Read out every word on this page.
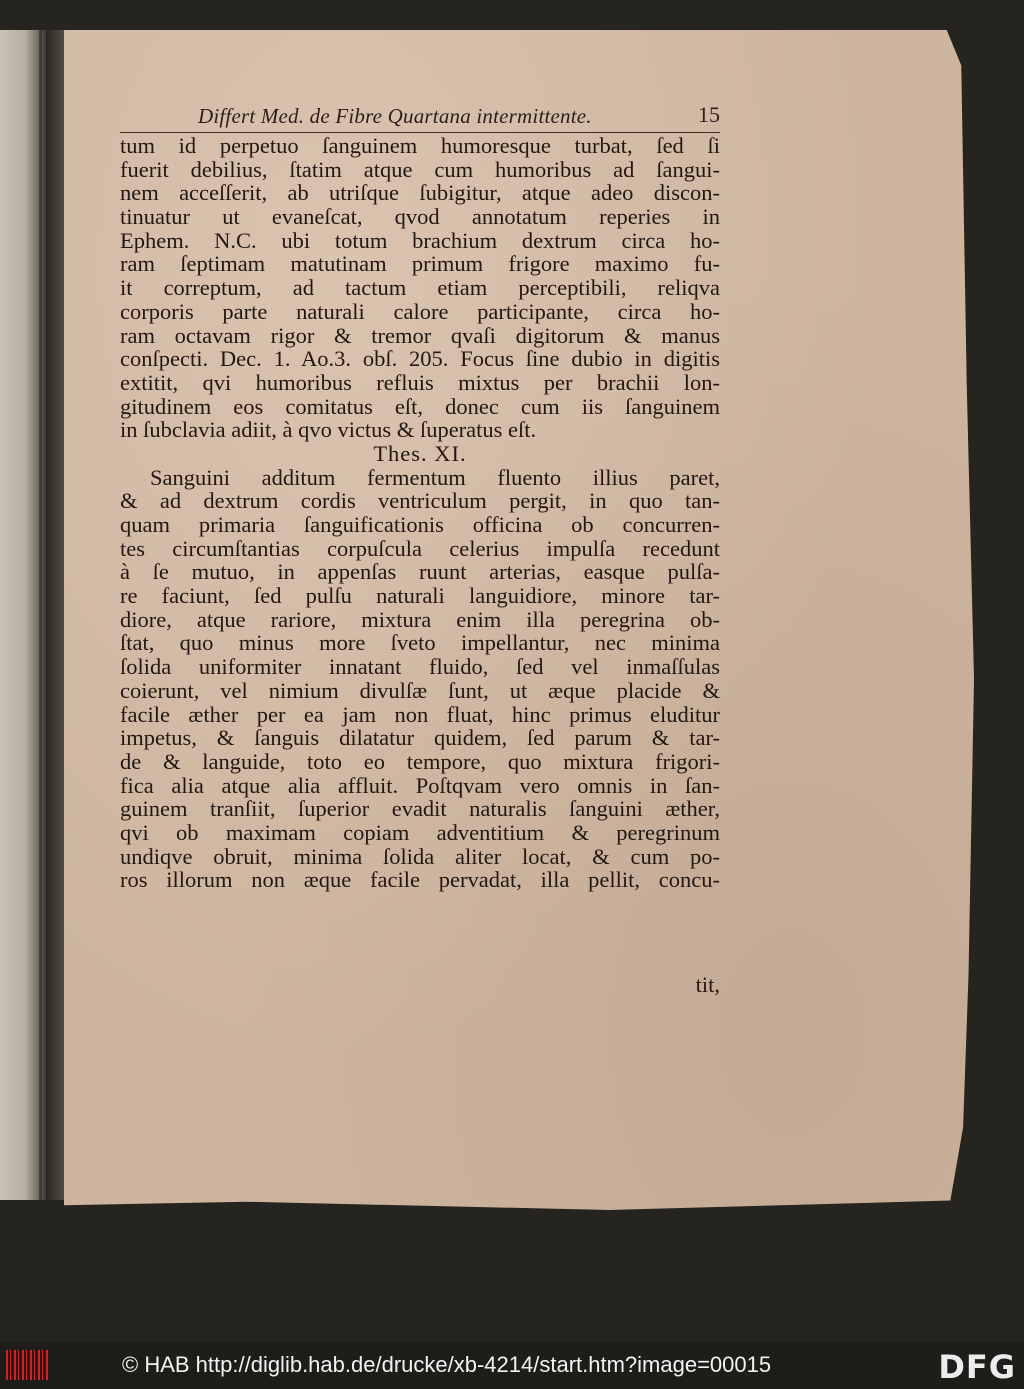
Differt Med. de Fibre Quartana intermittente.	15
tum id perpetuo ſanguinem humoresque turbat, ſed ſi
fuerit debilius, ſtatim atque cum humoribus ad ſangui-
nem acceſſerit, ab utriſque ſubigitur, atque adeo discon-
tinuatur ut evaneſcat, qvod annotatum reperies in
Ephem. N.C. ubi totum brachium dextrum circa ho-
ram ſeptimam matutinam primum frigore maximo fu-
it correptum, ad tactum etiam perceptibili, reliqva
corporis parte naturali calore participante, circa ho-
ram octavam rigor & tremor qvaſi digitorum & manus
conſpecti. Dec. 1. Ao.3. obſ. 205. Focus ſine dubio in digitis
extitit, qvi humoribus refluis mixtus per brachii lon-
gitudinem eos comitatus eſt, donec cum iis ſanguinem
in ſubclavia adiit, à qvo victus & ſuperatus eſt.
Thes. XI.
Sanguini additum fermentum fluento illius paret,
& ad dextrum cordis ventriculum pergit, in quo tan-
quam primaria ſanguificationis officina ob concurren-
tes circumſtantias corpuſcula celerius impulſa recedunt
à ſe mutuo, in appenſas ruunt arterias, easque pulſa-
re faciunt, ſed pulſu naturali languidiore, minore tar-
diore, atque rariore, mixtura enim illa peregrina ob-
ſtat, quo minus more ſveto impellantur, nec minima
ſolida uniformiter innatant fluido, ſed vel inmaſſulas
coierunt, vel nimium divulſæ ſunt, ut æque placide &
facile æther per ea jam non fluat, hinc primus eluditur
impetus, & ſanguis dilatatur quidem, ſed parum & tar-
de & languide, toto eo tempore, quo mixtura frigori-
fica alia atque alia affluit. Poſtqvam vero omnis in ſan-
guinem tranſiit, ſuperior evadit naturalis ſanguini æther,
qvi ob maximam copiam adventitium & peregrinum
undiqve obruit, minima ſolida aliter locat, & cum po-
ros illorum non æque facile pervadat, illa pellit, concu-
tit,
© HAB http://diglib.hab.de/drucke/xb-4214/start.htm?image=00015	DFG
